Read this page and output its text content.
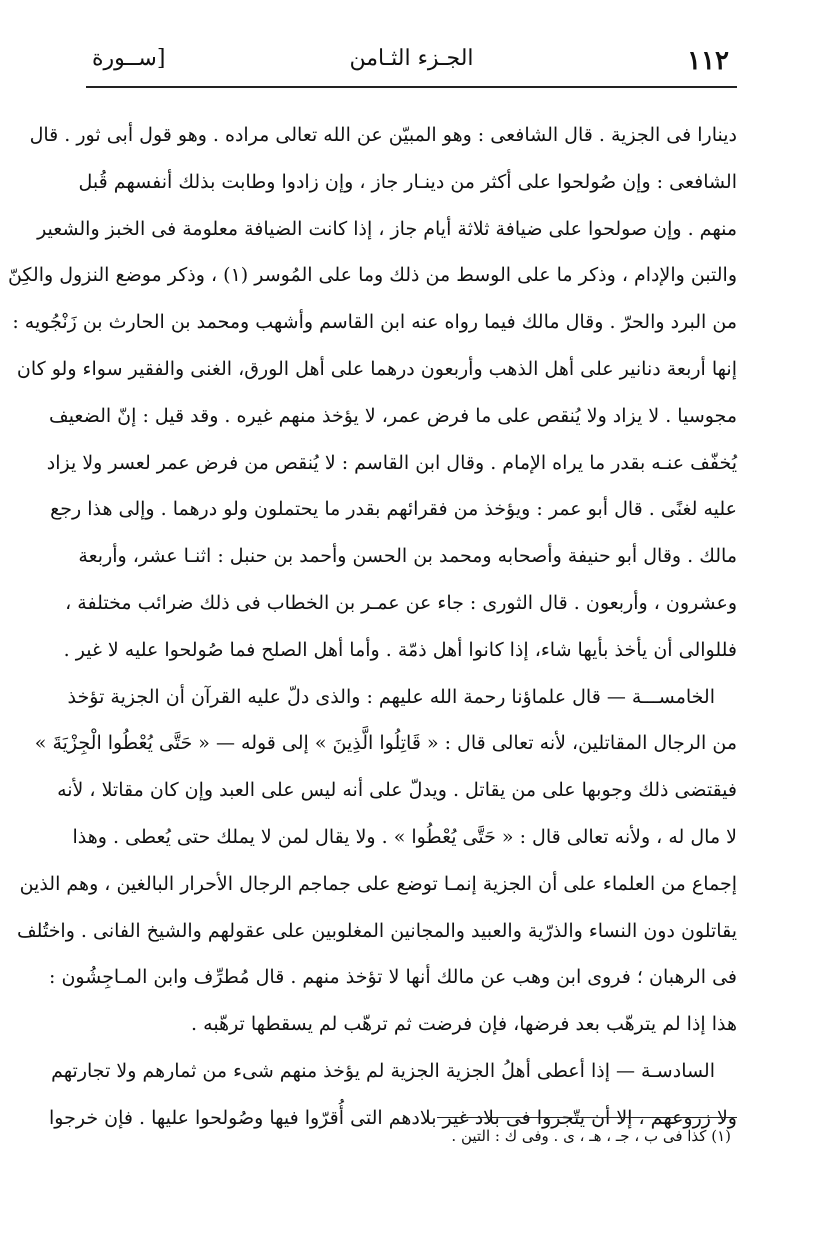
١١٢
الجـزء الثـامن
[ســورة
دينارا فى الجزية . قال الشافعى : وهو المبيّن عن الله تعالى مراده . وهو قول أبى ثور . قال
الشافعى : وإن صُولحوا على أكثر من دينـار جاز ، وإن زادوا وطابت بذلك أنفسهم قُبل
منهم . وإن صولحوا على ضيافة ثلاثة أيام جاز ، إذا كانت الضيافة معلومة فى الخبز والشعير
والتبن والإدام ، وذكر ما على الوسط من ذلك وما على المُوسر (١) ، وذكر موضع النزول والكِنّ
من البرد والحرّ . وقال مالك فيما رواه عنه ابن القاسم وأشهب ومحمد بن الحارث بن زَنْجُويه :
إنها أربعة دنانير على أهل الذهب وأربعون درهما على أهل الورق، الغنى والفقير سواء ولو كان
مجوسيا . لا يزاد ولا يُنقص على ما فرض عمر، لا يؤخذ منهم غيره . وقد قيل : إنّ الضعيف
يُخفّف عنـه بقدر ما يراه الإمام . وقال ابن القاسم : لا يُنقص من فرض عمر لعسر ولا يزاد
عليه لغنًى . قال أبو عمر : ويؤخذ من فقرائهم بقدر ما يحتملون ولو درهما . وإلى هذا رجع
مالك . وقال أبو حنيفة وأصحابه ومحمد بن الحسن وأحمد بن حنبل : اثنـا عشر، وأربعة
وعشرون ، وأربعون . قال الثورى : جاء عن عمـر بن الخطاب فى ذلك ضرائب مختلفة ،
فللوالى أن يأخذ بأيها شاء، إذا كانوا أهل ذمّة . وأما أهل الصلح فما صُولحوا عليه لا غير .
الخامســـة — قال علماؤنا رحمة الله عليهم : والذى دلّ عليه القرآن أن الجزية تؤخذ
من الرجال المقاتلين، لأنه تعالى قال : « قَاتِلُوا الَّذِينَ » إلى قوله — « حَتَّى يُعْطُوا الْجِزْيَةَ »
فيقتضى ذلك وجوبها على من يقاتل . ويدلّ على أنه ليس على العبد وإن كان مقاتلا ، لأنه
لا مال له ، ولأنه تعالى قال : « حَتَّى يُعْطُوا » . ولا يقال لمن لا يملك حتى يُعطى . وهذا
إجماع من العلماء على أن الجزية إنمـا توضع على جماجم الرجال الأحرار البالغين ، وهم الذين
يقاتلون دون النساء والذرّية والعبيد والمجانين المغلوبين على عقولهم والشيخ الفانى . واختُلف
فى الرهبان ؛ فروى ابن وهب عن مالك أنها لا تؤخذ منهم . قال مُطرِّف وابن المـاجِشُون :
هذا إذا لم يترهّب بعد فرضها، فإن فرضت ثم ترهّب لم يسقطها ترهّبه .
السادسـة — إذا أعطى أهلُ الجزية الجزية لم يؤخذ منهم شىء من ثمارهم ولا تجارتهم
ولا زروعهم ، إلا أن يتّجروا فى بلاد غير بلادهم التى أُقرّوا فيها وصُولحوا عليها . فإن خرجوا
(١) كذا فى ب ، جـ ، هـ ، ى . وفى ك : التين .
